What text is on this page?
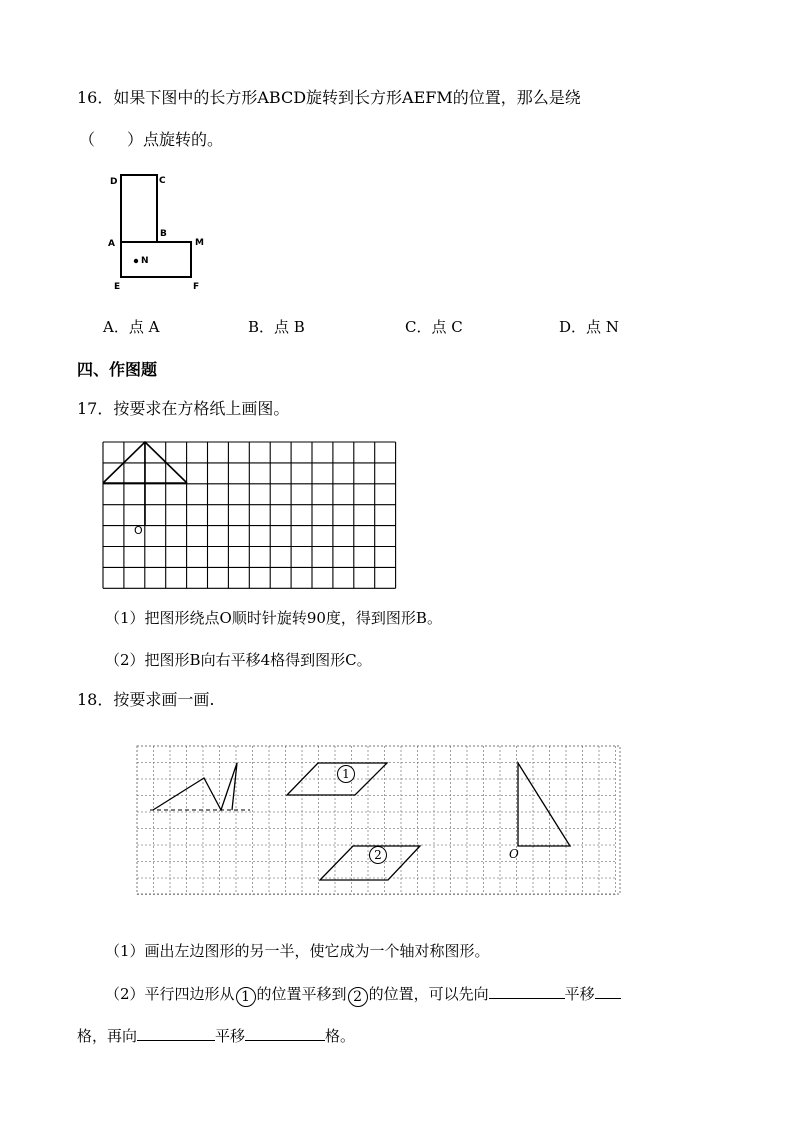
16．如果下图中的长方形ABCD旋转到长方形AEFM的位置，那么是绕
（　　）点旋转的。
D	C
A
B
M
N
E	F
A．点 A	B．点 B	C．点 C	D．点 N
四、作图题
17．按要求在方格纸上画图。
O
（1）把图形绕点O顺时针旋转90度，得到图形B。
（2）把图形B向右平移4格得到图形C。
18．按要求画一画.
O
1
2
（1）画出左边图形的另一半，使它成为一个轴对称图形。
（2）平行四边形从 1 的位置平移到 2 的位置，可以先向	平移
格，再向	平移	格。
